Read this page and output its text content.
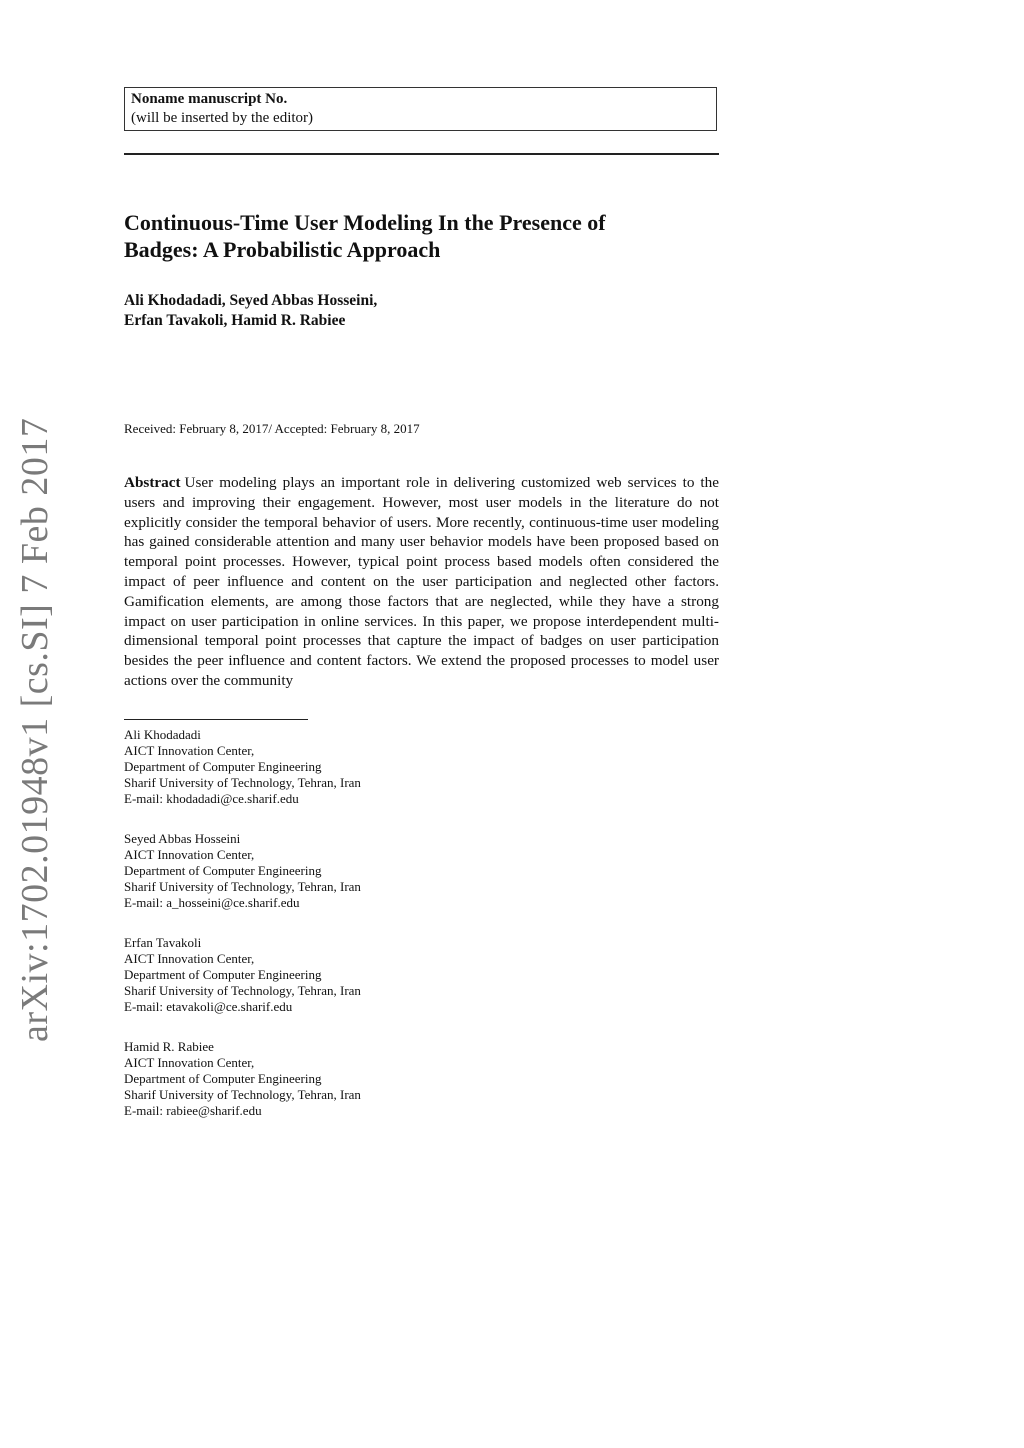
Noname manuscript No.
(will be inserted by the editor)
Continuous-Time User Modeling In the Presence of
Badges: A Probabilistic Approach
Ali Khodadadi, Seyed Abbas Hosseini,
Erfan Tavakoli, Hamid R. Rabiee
Received: February 8, 2017/ Accepted: February 8, 2017
Abstract User modeling plays an important role in delivering customized web services to the users and improving their engagement. However, most user models in the literature do not explicitly consider the temporal behavior of users. More recently, continuous-time user modeling has gained considerable attention and many user behavior models have been proposed based on temporal point processes. However, typical point process based models often considered the impact of peer influence and content on the user participation and neglected other factors. Gamification elements, are among those factors that are neglected, while they have a strong impact on user participation in online services. In this paper, we propose interdependent multi-dimensional temporal point processes that capture the impact of badges on user participation besides the peer influence and content factors. We extend the proposed processes to model user actions over the community
Ali Khodadadi
AICT Innovation Center,
Department of Computer Engineering
Sharif University of Technology, Tehran, Iran
E-mail: khodadadi@ce.sharif.edu
Seyed Abbas Hosseini
AICT Innovation Center,
Department of Computer Engineering
Sharif University of Technology, Tehran, Iran
E-mail: a_hosseini@ce.sharif.edu
Erfan Tavakoli
AICT Innovation Center,
Department of Computer Engineering
Sharif University of Technology, Tehran, Iran
E-mail: etavakoli@ce.sharif.edu
Hamid R. Rabiee
AICT Innovation Center,
Department of Computer Engineering
Sharif University of Technology, Tehran, Iran
E-mail: rabiee@sharif.edu
arXiv:1702.01948v1 [cs.SI] 7 Feb 2017
